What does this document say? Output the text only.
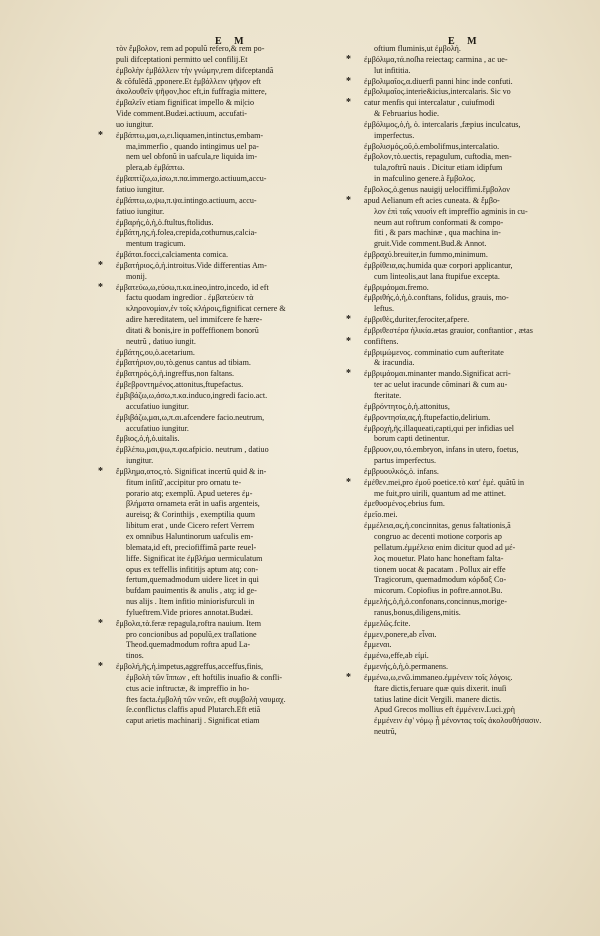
E M	E M
τὸν ἔμβολον, rem ad populũ refero,& rem po‑
puli difceptationi permitto uel confilij.Et
ἐμβολὴν ἐμβάλλειν τὴν γνώμην,rem difceptandã
& cõfulẽdã ,pponere.Et ἐμβάλλειν ψῆφον eft
ἀκολουθεῖν ψῆφον,hoc eft,in fuffragia mittere,
ἐμβαλεῖν etiam fignificat impello & mi|cio
Vide comment.Budæi.actiuum, accufati‑
uo iungitur.
* ἐμβάπτω,μαι,ω,ει.liquamen,intinctus,embam‑
ma,immerfio , quando intingimus uel pa‑
nem uel obfonũ in uafcula,re liquida im‑
plera,ab ἐμβάπτω.
ἐμβαπτίζω,ω,ίσω,π.πα.immergo.actiuum,accu‑
fatiuo iungitur.
ἐμβάπτω,ω,ψω,π.ψα.intingo.actiuum, accu‑
fatiuo iungitur.
ἐμβαρής,ὁ,ἡ,ὁ.ftultus,ftolidus.
ἐμβάτη,ης,ἡ.folea,crepida,cothurnus,calcia‑
mentum tragicum.
ἐμβάται.focci,calciamenta comica.
* ἐμβατήριος,ὁ,ἡ.introitus.Vide differentias Am‑
monij.
* ἐμβατεύω,ω,εύσω,π.κα.ineo,intro,incedo, id eft
factu quodam ingredior . ἐμβατεύειν τὰ
κληρονομίαν,ἐν τοῖς κλήροις,fignificat cernere &
adire hæreditatem, uel immifcere fe hære‑
ditati & bonis,ire in poffeffionem bonorũ
neutrũ , datiuo iungit.
ἐμβάτης,ου,ὁ.acetarium.
ἐμβατήριον,ου,τὸ.genus cantus ad tibiam.
ἐμβατηρός,ὁ,ἡ.ingreffus,non faltans.
ἐμβεβροντημένος.attonitus,ftupefactus.
ἐμβιβάζω,ω,άσω,π.κα.induco,ingredi facio.act.
accufatiuo iungitur.
ἐμβιβάζω,μαι,ω,π.αι.afcendere facio.neutrum,
accufatiuo iungitur.
ἔμβιος,ὁ,ἡ,ὁ.uitalis.
ἐμβλέπω,μαι,ψω,π.φα.afpicio. neutrum , datiuo
iungitur.
* ἔμβλημα,ατος,τὸ. Significat incertũ quid & in‑
fitum inſitũ̆ ,accipitur pro ornatu te‑
porario atq; exemplũ. Apud ueteres ἐμ‑
βλήματα ornameta erãt in uafis argenteis,
aureisq; & Corinthijs , exemptilia quum
libitum erat , unde Cicero refert Verrem
ex omnibus Haluntinorum uafculis em‑
blemata,id eft, preciofiffimã parte reuel‑
liffe. Significat ite ἐμβλήμα uermiculatum
opus ex teffellis infititijs aptum atq; con‑
fertum,quemadmodum uidere licet in qui
bufdam pauimentis & anulis , atq; id ge‑
nus alijs . Item infitio miniorisfurculi in
fylueftrem.Vide priores annotat.Budæi.
* ἔμβολα,τὰ.feræ repagula,roftra nauium. Item
pro concionibus ad populũ,ex traſlatione
Theod.quemadmodum roftra apud La‑
tinos.
* ἐμβολή,ῆς,ἡ.impetus,aggreffus,acceffus,finis,
ἐμβολὴ τῶν ἴππων , eft hoftilis inuafio & confli‑
ctus acie inftructæ, & impreffio in ho‑
ftes facta.ἐμβολὴ τῶν νεῶν, eft συμβολὴ ναυμαχ.
ſe.conflictus claffis apud Plutarch.Eft etiã
caput arietis machinarij . Significat etiam
oftium fluminis,ut ἐμβολή.
* ἐμβόλιμα,τά.noſha reiectaq; carmina , ac ue‑
lut infititia.
* ἐμβολιμαῖος,α.diuerfi panni hinc inde confuti.
ἐμβολιμαῖος.interie&icius,intercalaris. Sic vo
* catur menfis qui intercalatur , cuiufmodi
& Februarius hodie.
ἐμβόλιμος,ὁ,ἡ, ὁ. intercalaris ,fæpius inculcatus,
imperfectus.
ἐμβολισμός,οῦ,ὁ.embolifmus,intercalatio.
ἐμβολον,τὸ.uectis, repagulum, cuftodia, men‑
tula,roftrũ nauis . Dicitur etiam idipfum
in mafculino genere.à ἔμβολος.
ἔμβολος,ὁ.genus nauigij uelociffimi.ἔμβολον
* apud Aelianum eft acies cuneata. & ἔμβο‑
λον ἐπὶ ταῖς ναυσὶν eft impreffio agminis in cu‑
neum aut roftrum conformati & compo‑
fiti , & pars machinæ , qua machina in‑
gruit.Vide comment.Bud.& Annot.
ἐμβραχύ.breuiter,in fummo,minimum.
ἐμβρίθεια,ας.humida quæ corpori applicantur,
cum linteolis,aut lana ftupifue excepta.
ἐμβριμάομαι.fremo.
ἐμβριθής,ὁ,ἡ,ὁ.conftans, folidus, grauis, mo‑
leftus.
* ἐμβριθὲς,duriter,ferociter,afpere.
ἐμβριθεστέρα ἡλικία.ætas grauior, conftantior , ætas
* confiftens.
ἐμβριμώμενος. comminatio cum aufteritate
& iracundia.
* ἐμβριμάομαι.minanter mando.Significat acri‑
ter ac uelut iracunde cõminari & cum au‑
fteritate.
ἐμβρόντητος,ὁ,ἡ.attonitus,
ἐμβροντησία,ας,ἡ.ftupefactio,delirium.
ἐμβροχὴ,ῆς.illaqueati,capti,qui per infidias uel
borum capti detinentur.
ἔμβρυον,ου,τό.embryon, infans in utero, foetus,
partus imperfectus.
ἐμβρυουλκός,ὁ. infans.
* ἐμέθεν.mei,pro ἐμοῦ poetice.τὸ κατ' ἐμέ. quãtũ in
me fuit,pro uirili, quantum ad me attinet.
ἐμεθυσμένος.ebrius fum.
ἐμεῖο.mei.
ἐμμέλεια,ας,ἡ.concinnitas, genus faltationis,ã
congruo ac decenti motione corporis ap
pellatum.ἐμμέλεια enim dicitur quod ad μέ‑
λος mouetur. Plato hanc honeftam falta‑
tionem uocat & pacatam . Pollux air effe
Tragicorum, quemadmodum κόρδαξ Co‑
micorum. Copiofius in poftre.annot.Bu.
ἐμμελής,ὁ,ἡ,ὁ.confonans,concinnus,morige‑
ranus,bonus,diligens,mitis.
ἐμμελῶς.fcite.
ἐμμεν,ponere,ab εἶναι.
ἔμμεναι.
ἐμμένω,effe,ab εἰμί.
ἐμμενής,ὁ,ἡ,ὁ.permanens.
* ἐμμένω,ω,ενῶ.immaneo.ἐμμένειν τοῖς λόγοις.
ftare dictis,feruare quæ quis dixerit. inuſi
tatius latine dicit Vergili. manere dictis.
Apud Grecos mollius eft ἐμμένειν.Luci.χρὴ
ἐμμένειν ἐφ' νόμῳ ᾗ μένοντας τοῖς ἀκολουθήσασιν.
neutrũ,
